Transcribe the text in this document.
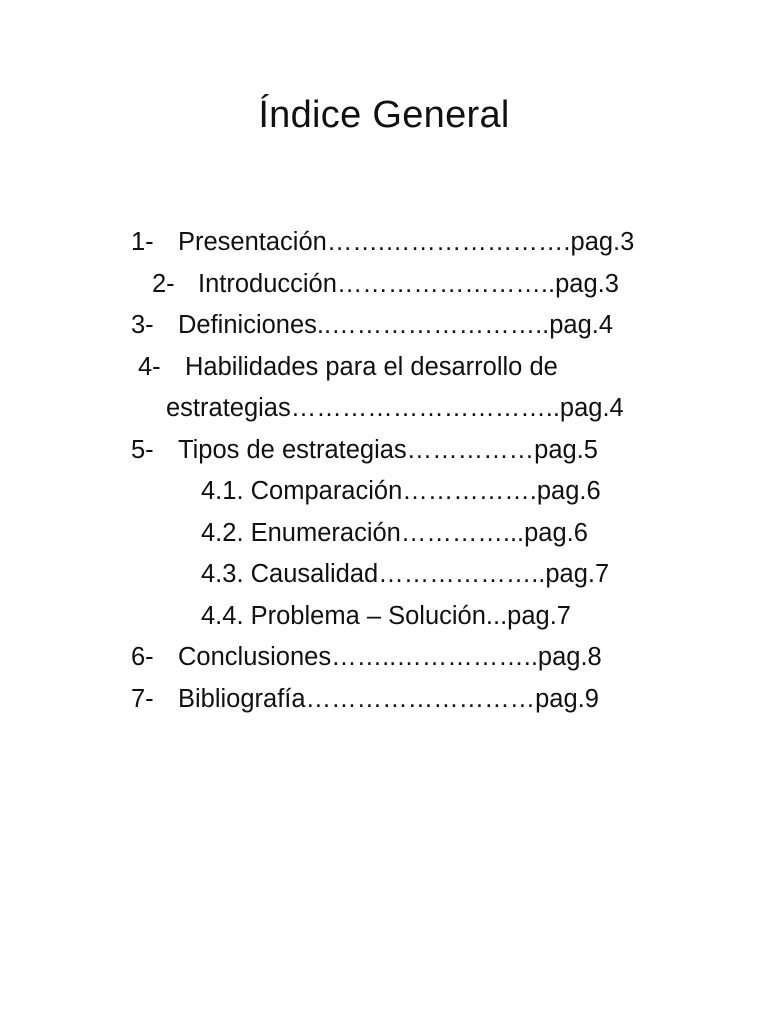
Índice General
1- Presentación…….………………….pag.3
2- Introducción……………………..pag.3
3- Definiciones..……………………..pag.4
4- Habilidades para el desarrollo de
estrategias…………………………..pag.4
5- Tipos de estrategias……………pag.5
4.1. Comparación…………….pag.6
4.2. Enumeración…………...pag.6
4.3. Causalidad………………..pag.7
4.4. Problema – Solución...pag.7
6- Conclusiones……..……………..pag.8
7- Bibliografía………………………pag.9
